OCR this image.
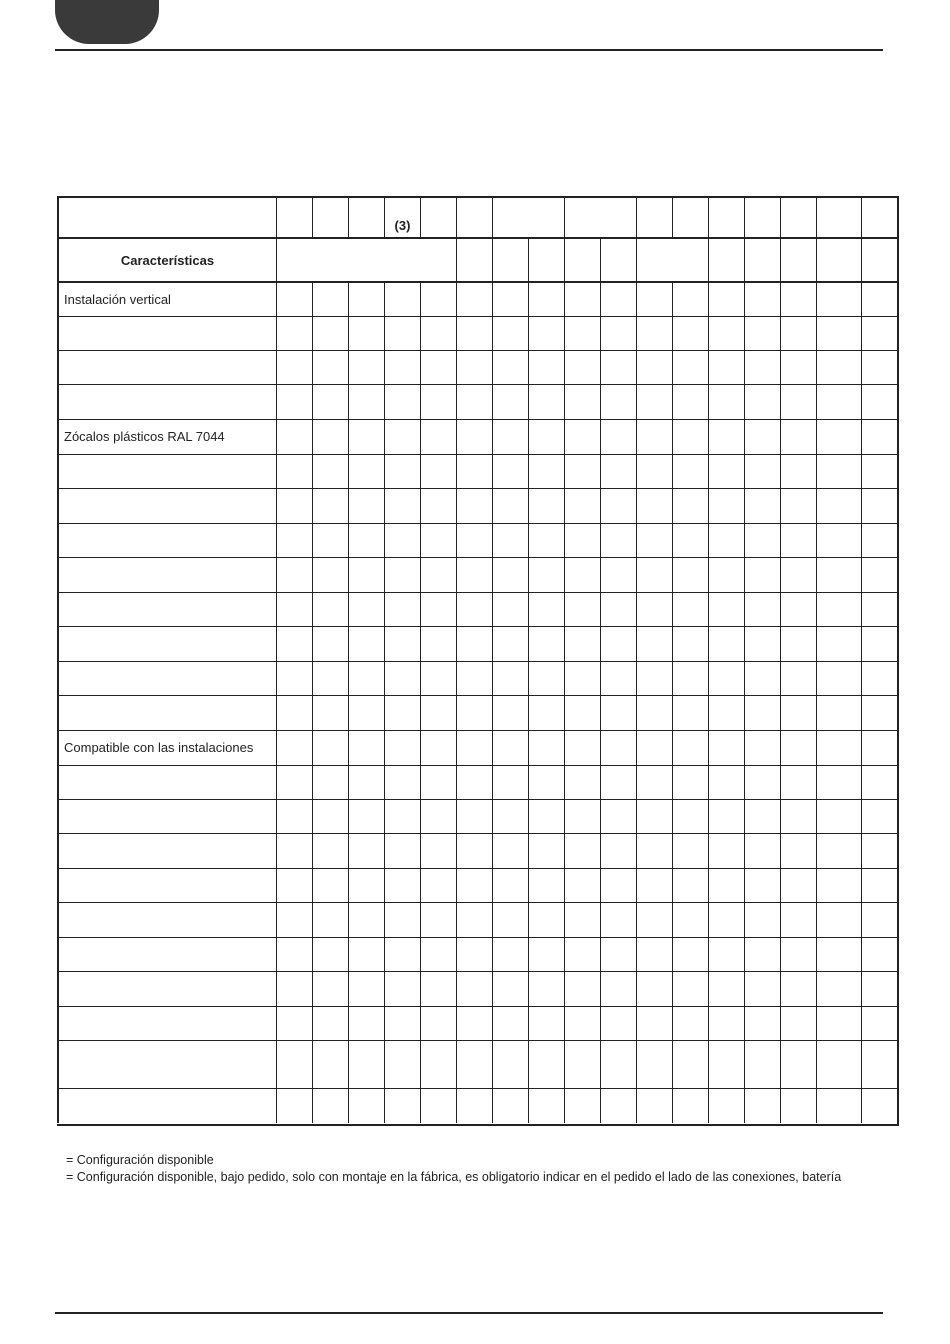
(3)
Características
Instalación vertical
Zócalos plásticos RAL 7044
Compatible con las instalaciones
= Configuración disponible
= Configuración disponible, bajo pedido, solo con montaje en la fábrica, es obligatorio indicar en el pedido el lado de las conexiones, batería
